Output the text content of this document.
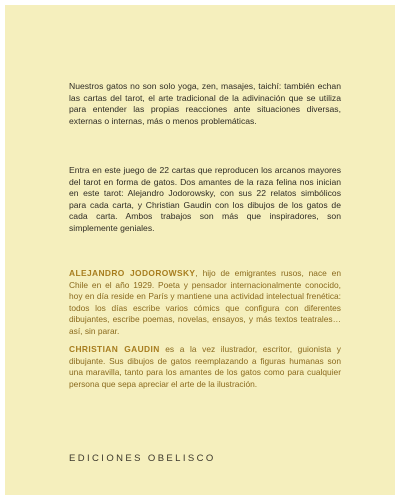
Nuestros gatos no son solo yoga, zen, masajes, taichí: también echan las cartas del tarot, el arte tradicional de la adivinación que se utiliza para entender las propias reacciones ante situaciones diversas, externas o internas, más o menos problemáticas.

Entra en este juego de 22 cartas que reproducen los arcanos mayores del tarot en forma de gatos. Dos amantes de la raza felina nos inician en este tarot: Alejandro Jodorowsky, con sus 22 relatos simbólicos para cada carta, y Christian Gaudin con los dibujos de los gatos de cada carta. Ambos trabajos son más que inspiradores, son simplemente geniales.

ALEJANDRO JODOROWSKY, hijo de emigrantes rusos, nace en Chile en el año 1929. Poeta y pensador internacionalmente conocido, hoy en día reside en París y mantiene una actividad intelectual frenética: todos los días escribe varios cómics que configura con diferentes dibujantes, escribe poemas, novelas, ensayos, y más textos teatrales… así, sin parar.

CHRISTIAN GAUDIN es a la vez ilustrador, escritor, guionista y dibujante. Sus dibujos de gatos reemplazando a figuras humanas son una maravilla, tanto para los amantes de los gatos como para cualquier persona que sepa apreciar el arte de la ilustración.

EDICIONES OBELISCO
